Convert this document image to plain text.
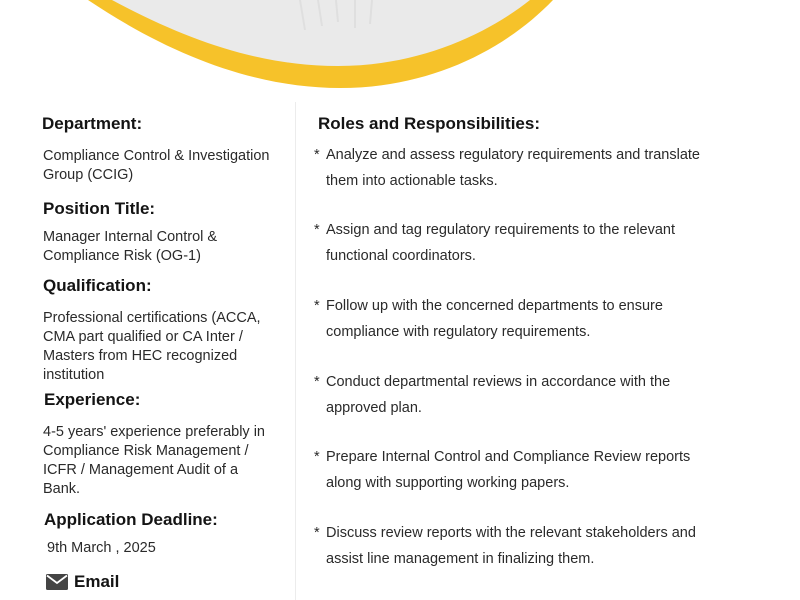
Department:

Compliance Control & Investigation

Group (CCIG)

Position Title:

Manager Internal Control &

Compliance Risk (OG-1)

Qualification:

Professional certifications (ACCA,

CMA part qualified or CA Inter /

Masters from HEC recognized

institution

Experience:

4-5 years' experience preferably in

Compliance Risk Management /

ICFR / Management Audit of a

Bank.

Application Deadline:

9th March , 2025

Email
Roles and Responsibilities:
* Analyze and assess regulatory requirements and translate
them into actionable tasks.
* Assign and tag regulatory requirements to the relevant
functional coordinators.
* Follow up with the concerned departments to ensure
compliance with regulatory requirements.
* Conduct departmental reviews in accordance with the
approved plan.
* Prepare Internal Control and Compliance Review reports
along with supporting working papers.
* Discuss review reports with the relevant stakeholders and
assist line management in finalizing them.
